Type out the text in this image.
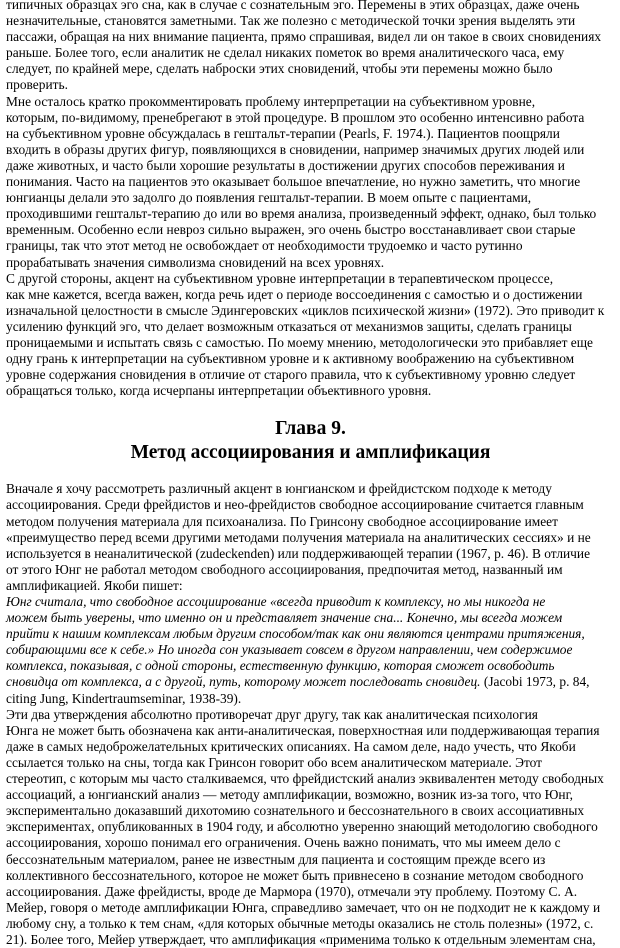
типичных образцах эго сна, как в случае с сознательным эго. Перемены в этих образцах, даже очень
незначительные, становятся заметными. Так же полезно с методической точки зрения выделять эти
пассажи, обращая на них внимание пациента, прямо спрашивая, видел ли он такое в своих сновидениях
раньше. Более того, если аналитик не сделал никаких пометок во время аналитического часа, ему
следует, по крайней мере, сделать наброски этих сновидений, чтобы эти перемены можно было
проверить.

Мне осталось кратко прокомментировать проблему интерпретации на субъективном уровне,
которым, по-видимому, пренебрегают в этой процедуре. В прошлом это особенно интенсивно работа
на субъективном уровне обсуждалась в гештальт-терапии (Pearls, F. 1974.). Пациентов поощряли
входить в образы других фигур, появляющихся в сновидении, например значимых других людей или
даже животных, и часто были хорошие результаты в достижении других способов переживания и
понимания. Часто на пациентов это оказывает большое впечатление, но нужно заметить, что многие
юнгианцы делали это задолго до появления гештальт-терапии. В моем опыте с пациентами,
проходившими гештальт-терапию до или во время анализа, произведенный эффект, однако, был только
временным. Особенно если невроз сильно выражен, эго очень быстро восстанавливает свои старые
границы, так что этот метод не освобождает от необходимости трудоемко и часто рутинно
прорабатывать значения символизма сновидений на всех уровнях.

С другой стороны, акцент на субъективном уровне интерпретации в терапевтическом процессе,
как мне кажется, всегда важен, когда речь идет о периоде воссоединения с самостью и о достижении
изначальной целостности в смысле Эдингеровских «циклов психической жизни» (1972). Это приводит к
усилению функций эго, что делает возможным отказаться от механизмов защиты, сделать границы
проницаемыми и испытать связь с самостью. По моему мнению, методологически это прибавляет еще
одну грань к интерпретации на субъективном уровне и к активному воображению на субъективном
уровне содержания сновидения в отличие от старого правила, что к субъективному уровню следует
обращаться только, когда исчерпаны интерпретации объективного уровня.

Глава 9.

Метод ассоциирования и амплификация

Вначале я хочу рассмотреть различный акцент в юнгианском и фрейдистском подходе к методу
ассоциирования. Среди фрейдистов и нео-фрейдистов свободное ассоциирование считается главным
методом получения материала для психоанализа. По Гринсону свободное ассоциирование имеет
«преимущество перед всеми другими методами получения материала на аналитических сессиях» и не
используется в неаналитической (zudeckenden) или поддерживающей терапии (1967, p. 46). В отличие
от этого Юнг не работал методом свободного ассоциирования, предпочитая метод, названный им
амплификацией. Якоби пишет:

Юнг считала, что свободное ассоциирование «всегда приводит к комплексу, но мы никогда не
можем быть уверены, что именно он и представляет значение сна... Конечно, мы всегда можем
прийти к нашим комплексам любым другим способом/так как они являются центрами притяжения,
собирающими все к себе.» Но иногда сон указывает совсем в другом направлении, чем содержимое
комплекса, показывая, с одной стороны, естественную функцию, которая сможет освободить
сновидца от комплекса, а с другой, путь, которому может последовать сновидец. (Jacobi 1973, p. 84,
citing Jung, Kindertraumseminar, 1938-39).

Эти два утверждения абсолютно противоречат друг другу, так как аналитическая психология
Юнга не может быть обозначена как анти-аналитическая, поверхностная или поддерживающая терапия
даже в самых недоброжелательных критических описаниях. На самом деле, надо учесть, что Якоби
ссылается только на сны, тогда как Гринсон говорит обо всем аналитическом материале. Этот
стереотип, с которым мы часто сталкиваемся, что фрейдистский анализ эквивалентен методу свободных
ассоциаций, а юнгианский анализ — методу амплификации, возможно, возник из-за того, что Юнг,
экспериментально доказавший дихотомию сознательного и бессознательного в своих ассоциативных
экспериментах, опубликованных в 1904 году, и абсолютно уверенно знающий методологию свободного
ассоциирования, хорошо понимал его ограничения. Очень важно понимать, что мы имеем дело с
бессознательным материалом, ранее не известным для пациента и состоящим прежде всего из
коллективного бессознательного, которое не может быть привнесено в сознание методом свободного
ассоциирования. Даже фрейдисты, вроде де Мармора (1970), отмечали эту проблему. Поэтому С. А.
Мейер, говоря о методе амплификации Юнга, справедливо замечает, что он не подходит не к каждому и
любому сну, а только к тем снам, «для которых обычные методы оказались не столь полезны» (1972, с.
21). Более того, Мейер утверждает, что амплификация «применима только к отдельным элементам сна,
